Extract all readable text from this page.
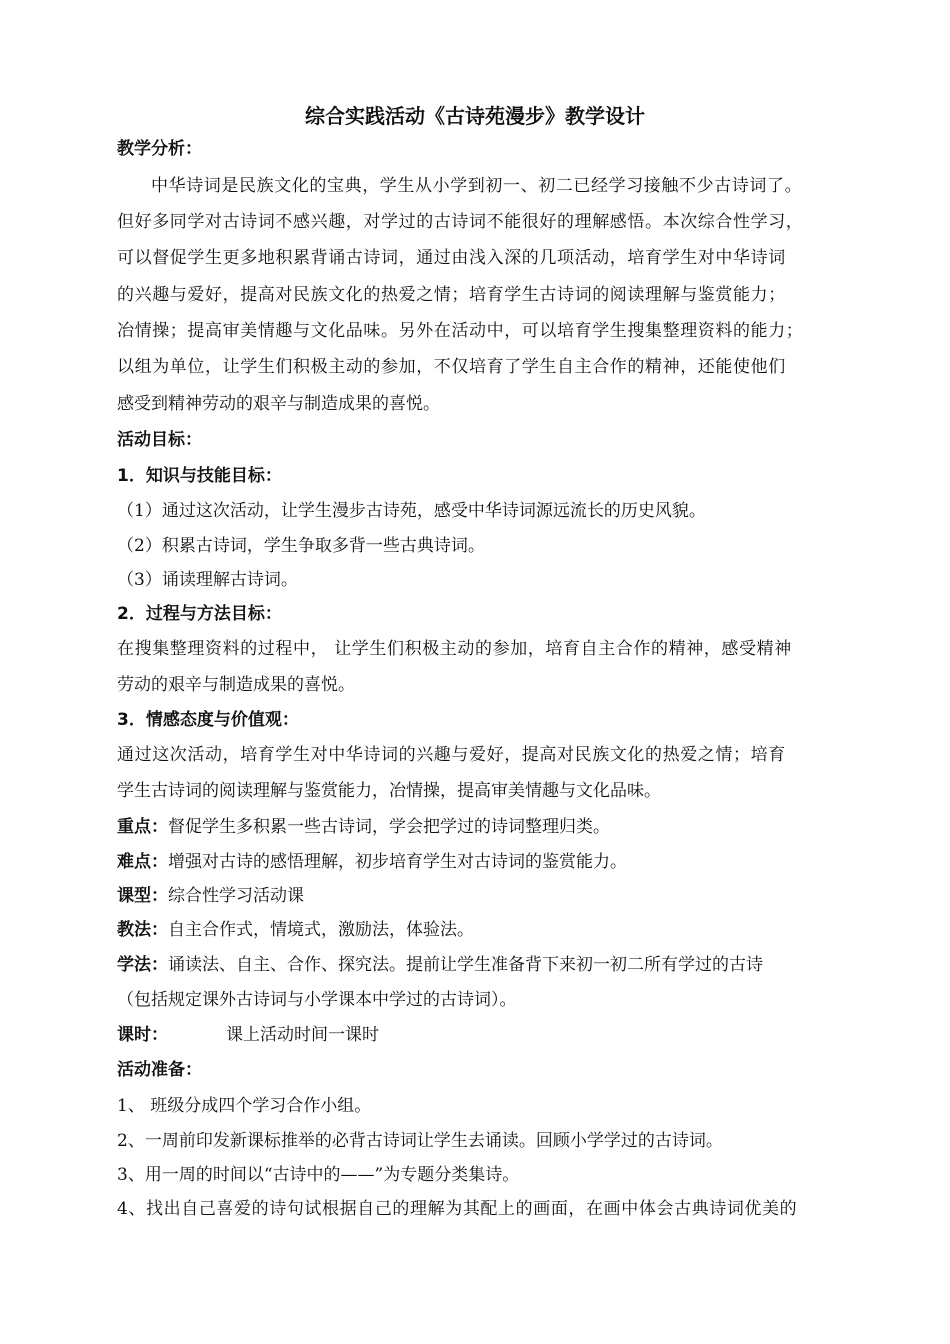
综合实践活动《古诗苑漫步》教学设计
教学分析：
中华诗词是民族文化的宝典，学生从小学到初一、初二已经学习接触不少古诗词了。
但好多同学对古诗词不感兴趣，对学过的古诗词不能很好的理解感悟。本次综合性学习，
可以督促学生更多地积累背诵古诗词，通过由浅入深的几项活动，培育学生对中华诗词
的兴趣与爱好，提高对民族文化的热爱之情；培育学生古诗词的阅读理解与鉴赏能力；
冶情操；提高审美情趣与文化品味。另外在活动中，可以培育学生搜集整理资料的能力；
以组为单位，让学生们积极主动的参加，不仅培育了学生自主合作的精神，还能使他们
感受到精神劳动的艰辛与制造成果的喜悦。
活动目标：
1．知识与技能目标：
（1）通过这次活动，让学生漫步古诗苑，感受中华诗词源远流长的历史风貌。
（2）积累古诗词，学生争取多背一些古典诗词。
（3）诵读理解古诗词。
2．过程与方法目标：
在搜集整理资料的过程中， 让学生们积极主动的参加，培育自主合作的精神，感受精神
劳动的艰辛与制造成果的喜悦。
3．情感态度与价值观：
通过这次活动，培育学生对中华诗词的兴趣与爱好，提高对民族文化的热爱之情；培育
学生古诗词的阅读理解与鉴赏能力，冶情操，提高审美情趣与文化品味。
重点：督促学生多积累一些古诗词，学会把学过的诗词整理归类。
难点：增强对古诗的感悟理解，初步培育学生对古诗词的鉴赏能力。
课型：综合性学习活动课
教法：自主合作式，情境式，激励法，体验法。
学法：诵读法、自主、合作、探究法。提前让学生准备背下来初一初二所有学过的古诗
（包括规定课外古诗词与小学课本中学过的古诗词）。
课时：	课上活动时间一课时
活动准备：
1、 班级分成四个学习合作小组。
2、一周前印发新课标推举的必背古诗词让学生去诵读。回顾小学学过的古诗词。
3、用一周的时间以“古诗中的——”为专题分类集诗。
4、找出自己喜爱的诗句试根据自己的理解为其配上的画面，在画中体会古典诗词优美的
